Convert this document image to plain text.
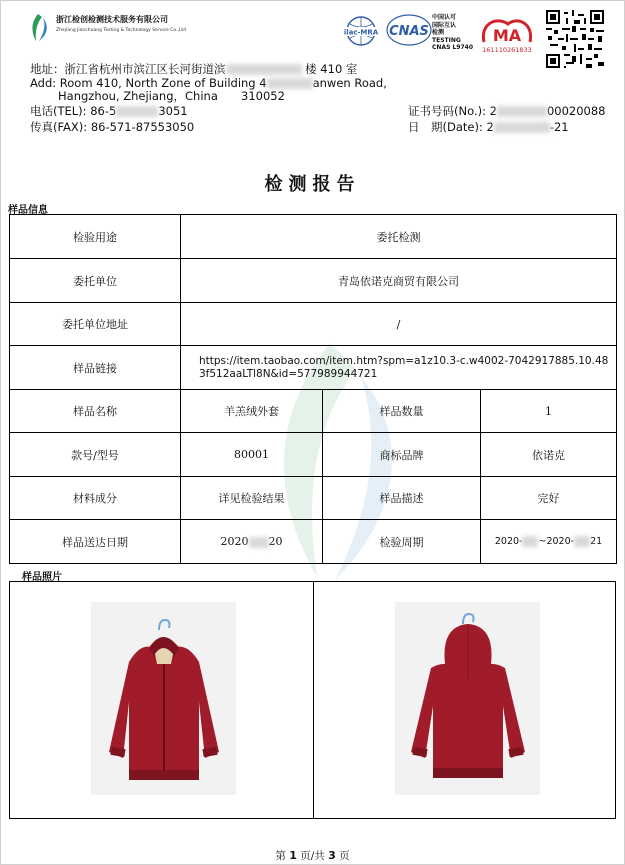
浙江检创检测技术服务有限公司
Zhejiang Jianchuang Testing & Technology Service Co.,Ltd	ilac-MRA CNAS
中国认可
国际互认
检测
TESTING
CNAS L9740
MA
161110261833
地址：浙江省杭州市滨江区长河街道滨	楼 410 室
Add: Room 410, North Zone of Building 4	anwen Road,
Hangzhou, Zhejiang，China 310052
电话(TEL): 86-5	3051
传真(FAX): 86-571-87553050
证书号码(No.): 2	00020088
日　期(Date): 2	-21
检测报告
样品信息
检验用途	委托检测		
委托单位	青岛依诺克商贸有限公司		
委托单位地址	/		
样品链接	https://item.taobao.com/item.htm?spm=a1z10.3-c.w4002-7042917885.10.483f512aaLTl8N&id=577989944721		
样品名称	羊羔绒外套	样品数量	1
款号/型号	80001	商标品牌	依诺克
材料成分	详见检验结果	样品描述	完好
样品送达日期	2020 20	检验周期	2020- ~2020- 21
样品照片
第 1 页/共 3 页
